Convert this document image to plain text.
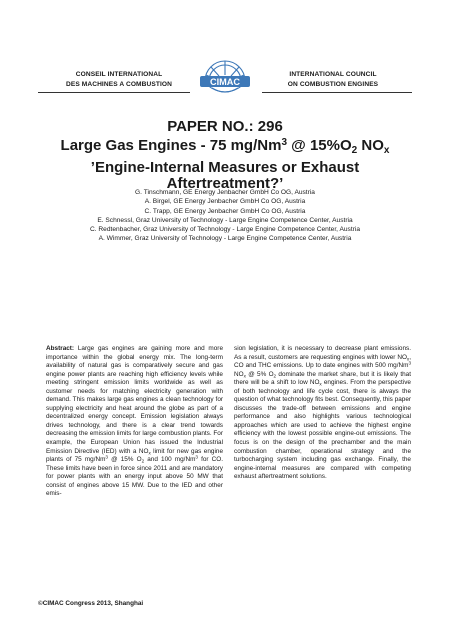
CONSEIL INTERNATIONAL
DES MACHINES A COMBUSTION	CIMAC
INTERNATIONAL COUNCIL
ON COMBUSTION ENGINES
PAPER NO.: 296
Large Gas Engines - 75 mg/Nm$^3$ @ $15\%O_2$ $NO_x$
’Engine-Internal Measures or Exhaust
Aftertreatment?’
G. Tinschmann, GE Energy Jenbacher GmbH Co OG, Austria
A. Birgel, GE Energy Jenbacher GmbH Co OG, Austria
C. Trapp, GE Energy Jenbacher GmbH Co OG, Austria
E. Schnessl, Graz University of Technology - Large Engine Competence Center, Austria
C. Redtenbacher, Graz University of Technology - Large Engine Competence Center, Austria
A. Wimmer, Graz University of Technology - Large Engine Competence Center, Austria
Abstract: Large gas engines are gaining more and more importance within the global energy mix. The long-term availability of natural gas is comparatively secure and gas engine power plants are reaching high efficiency levels while meeting stringent emission limits worldwide as well as customer needs for matching electricity generation with demand. This makes large gas engines a clean technology for supplying electricity and heat around the globe as part of a decentralized energy concept. Emission legislation always drives technology, and there is a clear trend towards decreasing the emission limits for large combustion plants. For example, the European Union has issued the Industrial Emission Directive (IED) with a $NO_x$ limit for new gas engine plants of 75 mg/Nm$^3$ @ 15% $O_2$ and 100 mg/Nm$^3$ for CO. These limits have been in force since 2011 and are mandatory for power plants with an energy input above 50 MW that consist of engines above 15 MW. Due to the IED and other emis-
sion legislation, it is necessary to decrease plant emissions. As a result, customers are requesting engines with lower $NO_x$, CO and THC emissions. Up to date engines with 500 mg/Nm$^3$ $NO_x$ @ 5% $O_2$ dominate the market share, but it is likely that there will be a shift to low $NO_x$ engines. From the perspective of both technology and life cycle cost, there is always the question of what technology fits best. Consequently, this paper discusses the trade-off between emissions and engine performance and also highlights various technological approaches which are used to achieve the highest engine efficiency with the lowest possible engine-out emissions. The focus is on the design of the prechamber and the main combustion chamber, operational strategy and the turbocharging system including gas exchange. Finally, the engine-internal measures are compared with competing exhaust aftertreatment solutions.
©CIMAC Congress 2013, Shanghai
